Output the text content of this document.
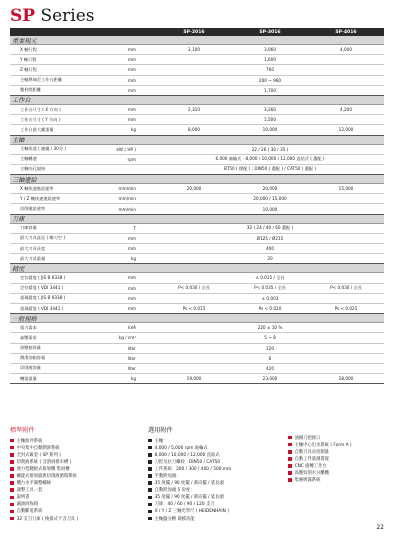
SP Series
SP-2016	SP-3016	SP-4016
重要規元
X 軸行程	mm	2,100	3,060	4,040
Y 軸行程	mm	1,600
Z 軸行程	mm	760
主軸鼻端至工作台距離	mm	200 ~ 960
雙柱間距離	mm	1,700
工作台
工作台尺寸 ( X 方向 )	mm	2,310	3,260	4,200
工作台尺寸 ( Y 方向 )	mm	1,500
工作台最大載重量	kg	8,000	10,000	12,000
主軸
主軸馬達 ( 連續 / 30分 )	kW ( HP )	22 / 26 ( 30 / 35 )
主軸轉速	rpm	6,000 齒輪式 - 8,000 / 10,000 / 12,000 直結式 ( 選配 )
主軸內孔規格	BT50 ( 標配 ) ; DIN50 ( 選配 ) / CAT50 ( 選配 )
三軸進給
X 軸快速進給速率	mm/min	20,000	20,000	15,000
Y / Z 軸快速進給速率	mm/min	20,000 / 15,000
切削進給速率	mm/min	10,000
刀庫
刀庫容量	T	32 ( 24 / 40 / 60 選配 )
最大刀具直徑 ( 鄰刀空 )	mm	Ø125 / Ø215
最大刀具長度	mm	400
最大刀具重量	kg	20
精度
定位精度 ( JIS B 6338 )	mm	± 0.015 / 全長
定位精度 ( VDI 3441 )	mm	P< 0.030 / 全長	P< 0.035 / 全長	P< 0.030 / 全長
重現精度 ( JIS B 6338 )	mm	± 0.003
重現精度 ( VDI 3441 )	mm	Ps < 0.015	Ps < 0.020	Ps < 0.025
一般規格
電力需求	kVA	220 ± 10 %
氣壓需求	kg / cm²	5 ~ 8
油壓箱容量	liter	120
潤滑油箱容量	liter	6
切削液容量	liter	420
機器重量	kg	19,000	23,000	28,000
標準附件
主軸油冷系統
中央集中自動潤滑系統
全封式鈑金 ( SP 系列 )
切削液系統 ( 含刮屑排水槽 )
強力型鏈板式排屑機 集屑槽
螺旋式排屑器與切削液循環系統
機台水平調整螺絲
調整工具一套
說明書
漏油回收箱
自動斷電系統
32 支刀刀庫 ( 換掛式不含刀具 )
選用附件
主軸：
4,000 / 5,000 rpm 齒輪式
8,000 / 10,000 / 12,000 直結式
刀把及拉刀螺栓：DIN50 / CAT50
工件系統：200 / 300 / 400 / 500 mm
手動附加頭：
35 度擺 / 90 度擺 / 萬向擺 / 延長頭
自動附加頭 5 份度：
35 度擺 / 90 度擺 / 萬向擺 / 延長頭
刀庫：40 / 60 / 90 / 120 支刀
X / Y / Z 三軸光學尺 ( HEIDENHAIN )
主軸盤分精 環模功能
油錫刀把接口
主軸中心出水系統 ( Form A )
自動刀具長度測量
自動工件量測裝置
CNC 旋轉工作台
高壓切削水分離機
集塵吸霧系統
22
